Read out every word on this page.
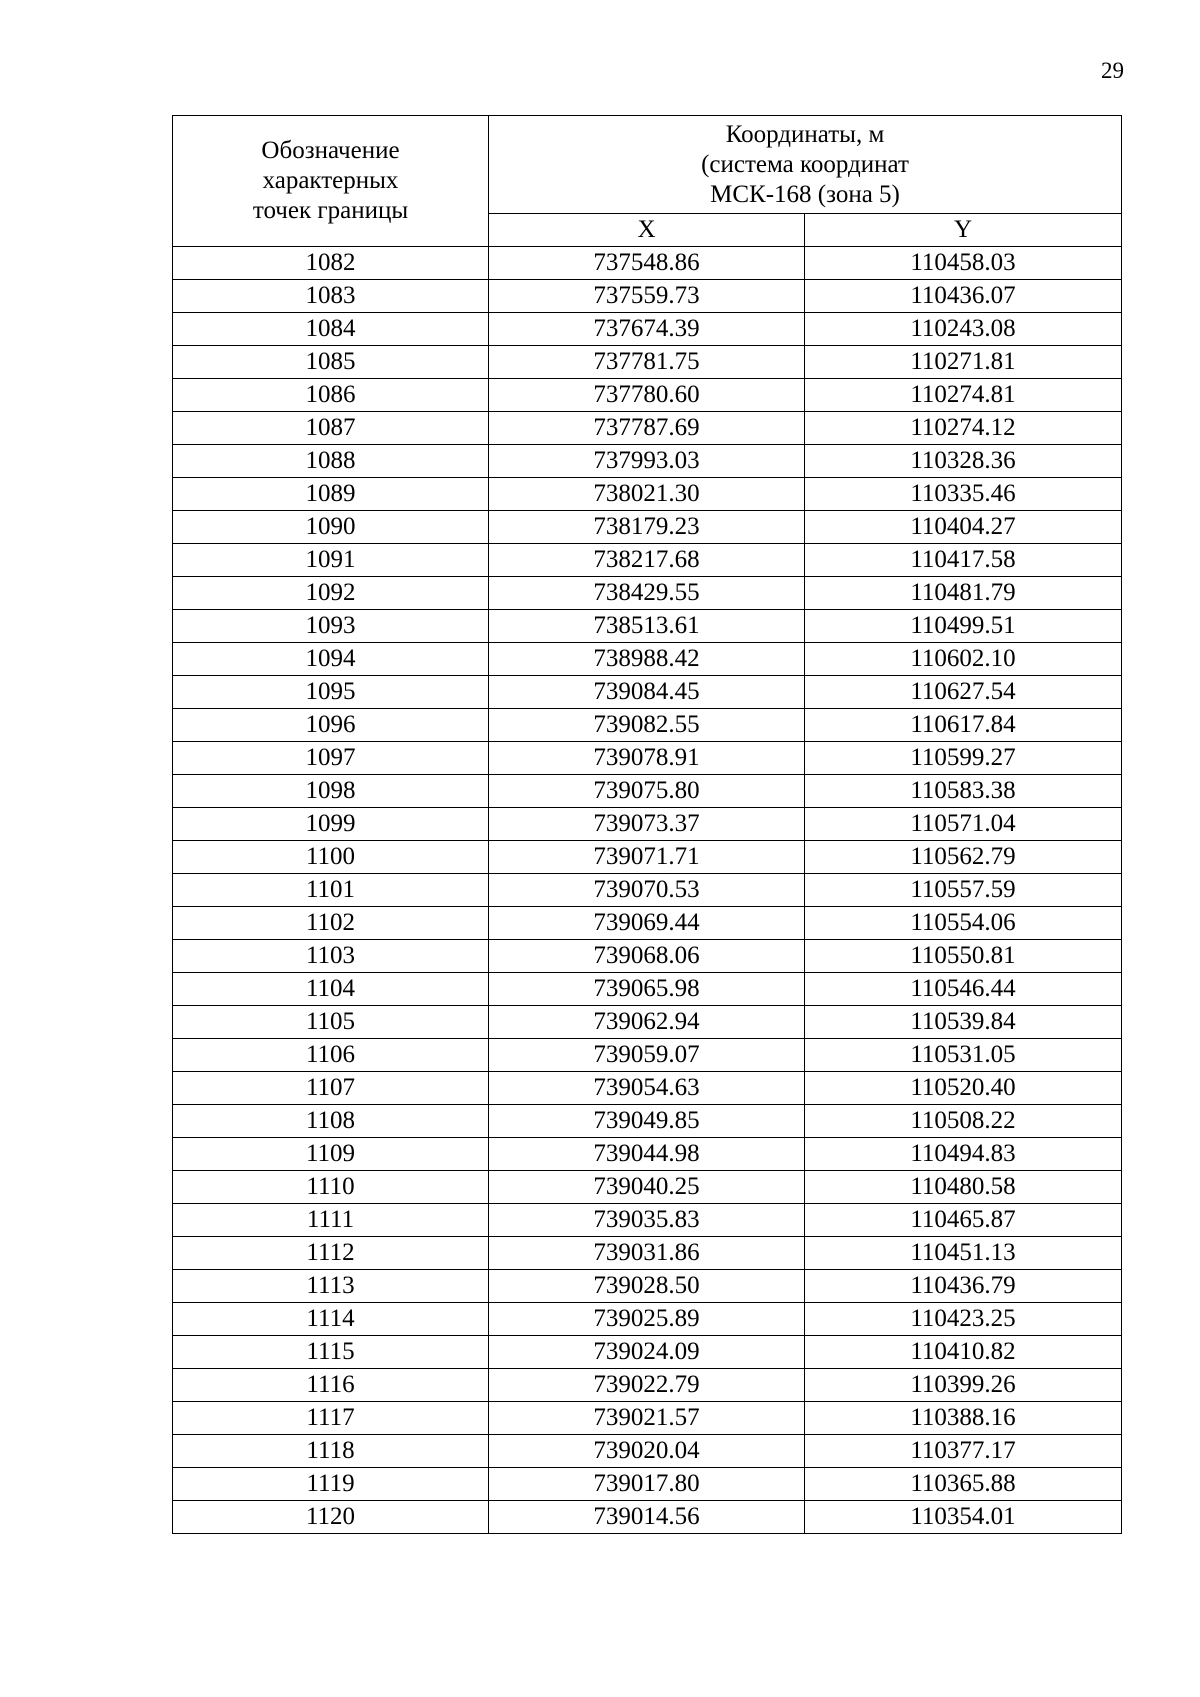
29
Обозначение
характерных
точек границы	Координаты, м
(система координат
МСК-168 (зона 5)	

	X	Y
1082	737548.86	110458.03
1083	737559.73	110436.07
1084	737674.39	110243.08
1085	737781.75	110271.81
1086	737780.60	110274.81
1087	737787.69	110274.12
1088	737993.03	110328.36
1089	738021.30	110335.46
1090	738179.23	110404.27
1091	738217.68	110417.58
1092	738429.55	110481.79
1093	738513.61	110499.51
1094	738988.42	110602.10
1095	739084.45	110627.54
1096	739082.55	110617.84
1097	739078.91	110599.27
1098	739075.80	110583.38
1099	739073.37	110571.04
1100	739071.71	110562.79
1101	739070.53	110557.59
1102	739069.44	110554.06
1103	739068.06	110550.81
1104	739065.98	110546.44
1105	739062.94	110539.84
1106	739059.07	110531.05
1107	739054.63	110520.40
1108	739049.85	110508.22
1109	739044.98	110494.83
1110	739040.25	110480.58
1111	739035.83	110465.87
1112	739031.86	110451.13
1113	739028.50	110436.79
1114	739025.89	110423.25
1115	739024.09	110410.82
1116	739022.79	110399.26
1117	739021.57	110388.16
1118	739020.04	110377.17
1119	739017.80	110365.88
1120	739014.56	110354.01
